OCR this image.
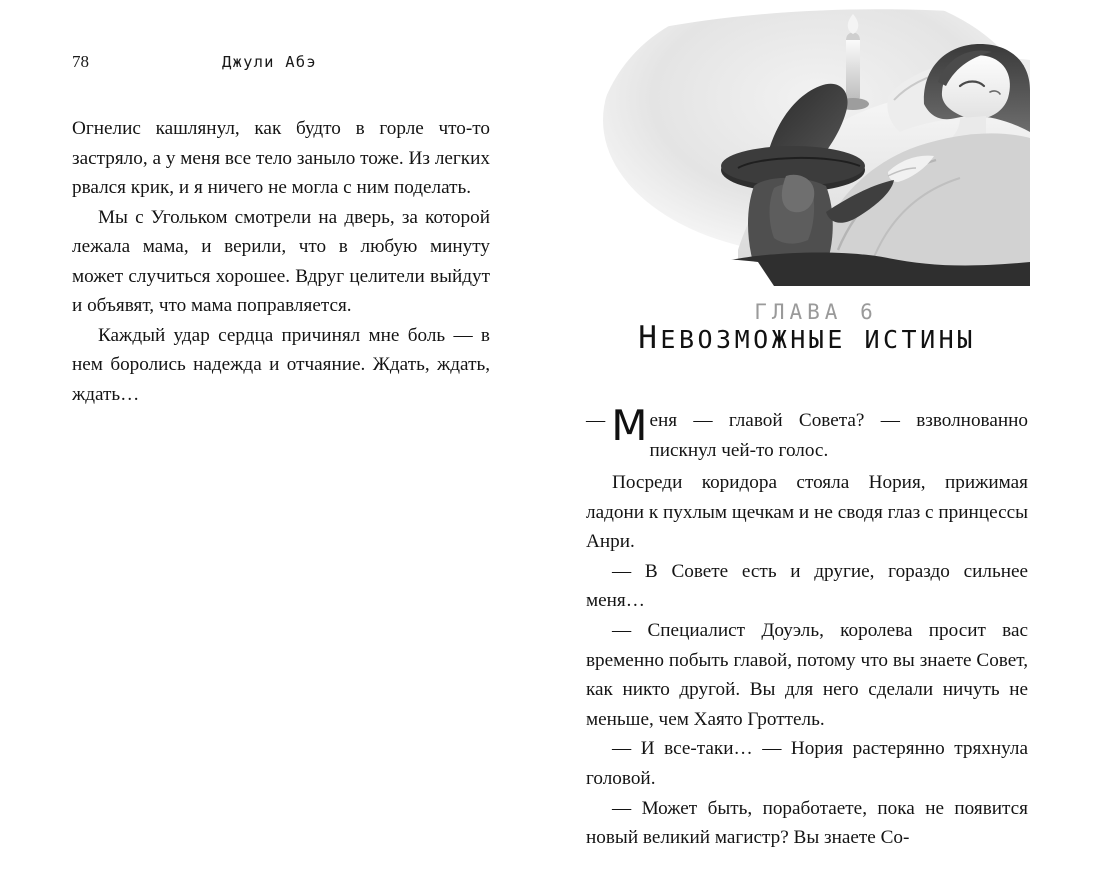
78	Джули Абэ

Огнелис кашлянул, как будто в горле что-то застряло, а у меня все тело заныло тоже. Из легких рвался крик, и я ничего не могла с ним поделать.

Мы с Угольком смотрели на дверь, за которой лежала мама, и верили, что в любую минуту может случиться хорошее. Вдруг целители выйдут и объявят, что мама поправляется.

Каждый удар сердца причинял мне боль — в нем боролись надежда и отчаяние. Ждать, ждать, ждать…

ГЛАВА 6
НЕВОЗМОЖНЫЕ ИСТИНЫ

— М еня — главой Совета? — взволнованно пискнул чей-то голос.

Посреди коридора стояла Нория, прижимая ладони к пухлым щечкам и не сводя глаз с принцессы Анри.

— В Совете есть и другие, гораздо сильнее меня…

— Специалист Доуэль, королева просит вас временно побыть главой, потому что вы знаете Совет, как никто другой. Вы для него сделали ничуть не меньше, чем Хаято Гроттель.

— И все-таки… — Нория растерянно тряхнула головой.

— Может быть, поработаете, пока не появится новый великий магистр? Вы знаете Со-
